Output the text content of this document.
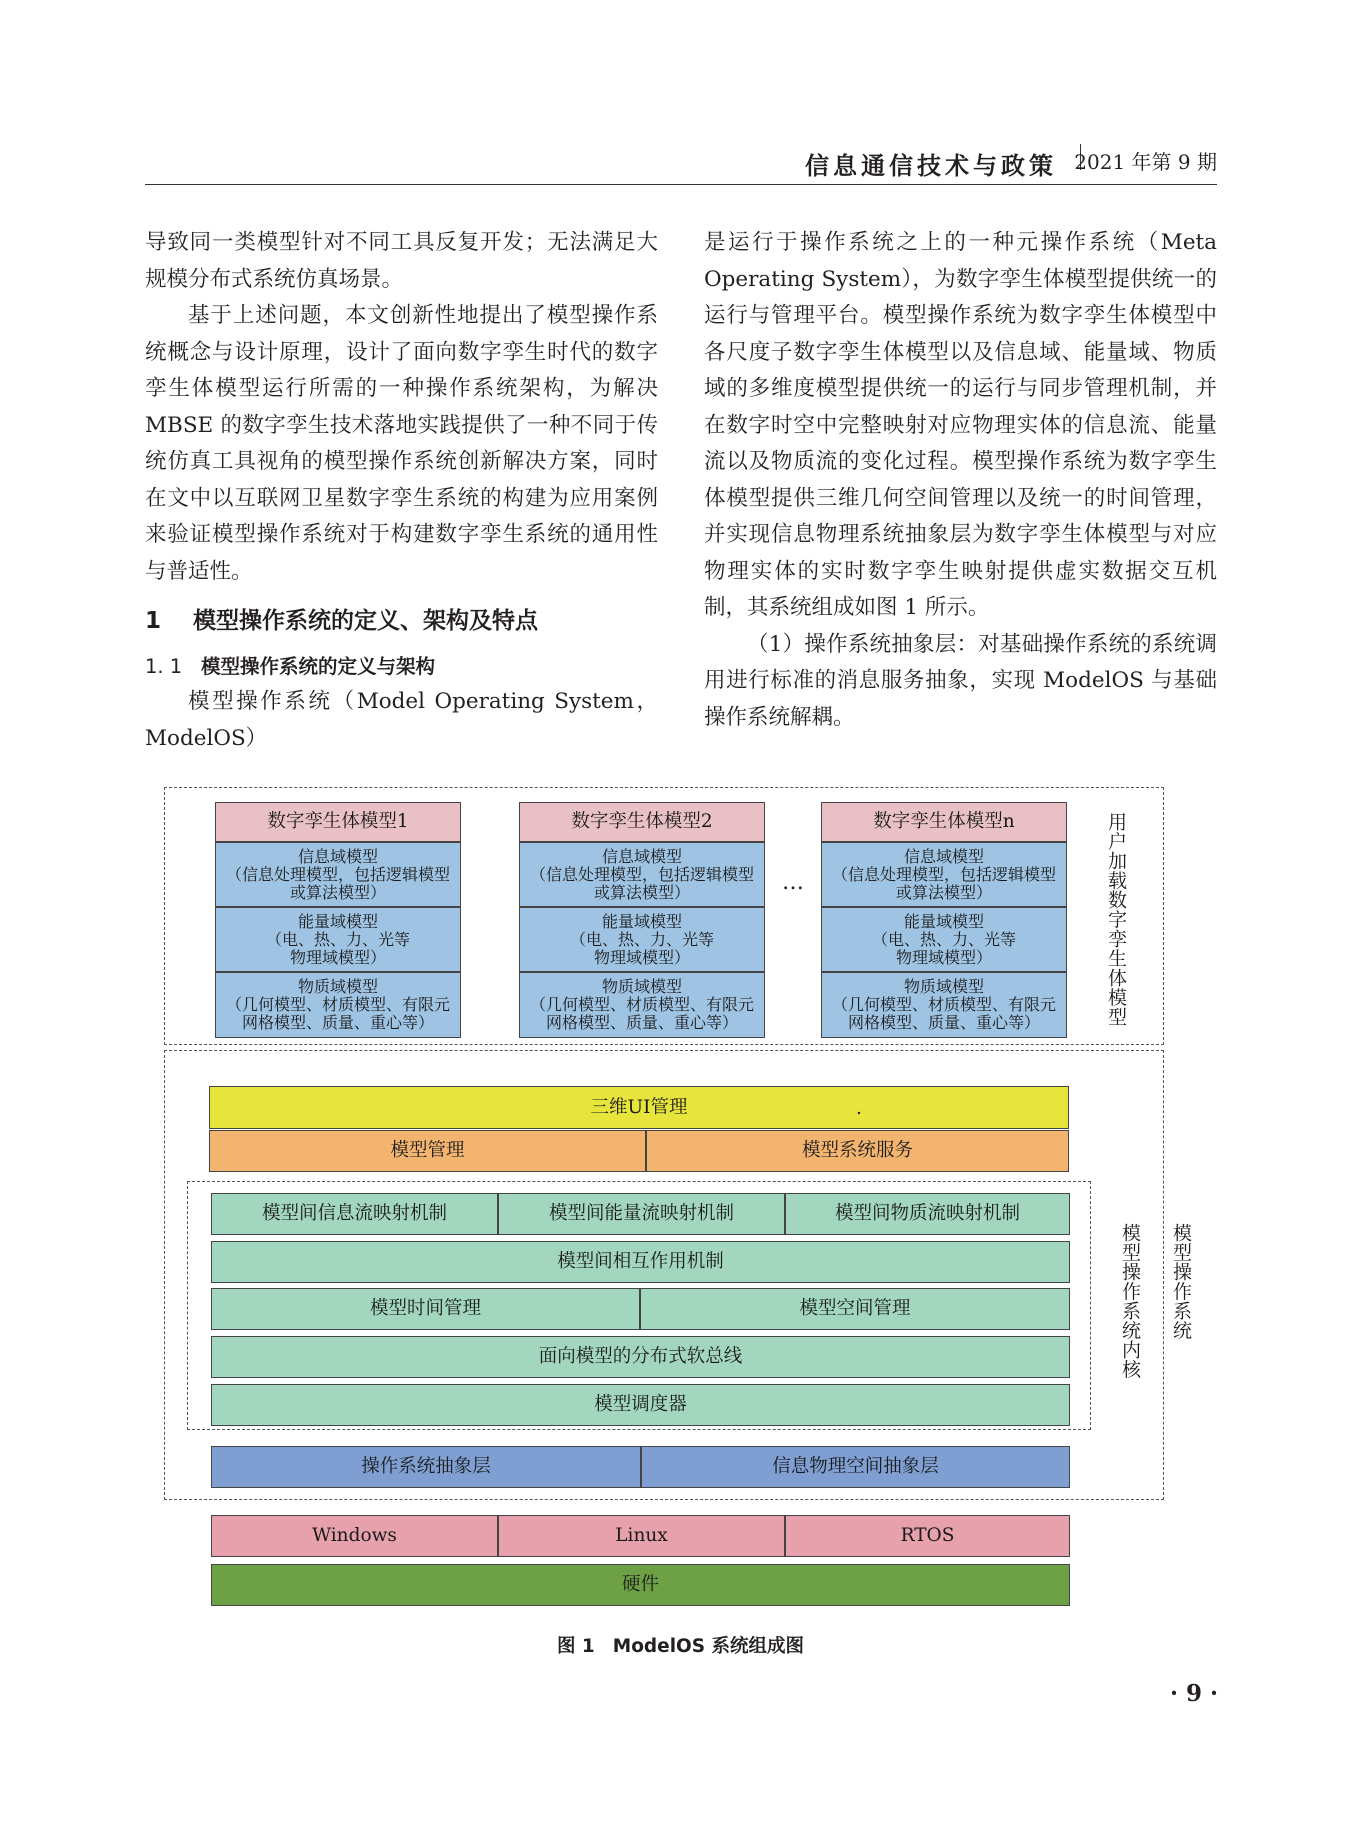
信息通信技术与政策 2021 年第 9 期

导致同一类模型针对不同工具反复开发；无法满足大规模分布式系统仿真场景。

基于上述问题，本文创新性地提出了模型操作系统概念与设计原理，设计了面向数字孪生时代的数字孪生体模型运行所需的一种操作系统架构，为解决 MBSE 的数字孪生技术落地实践提供了一种不同于传统仿真工具视角的模型操作系统创新解决方案，同时在文中以互联网卫星数字孪生系统的构建为应用案例来验证模型操作系统对于构建数字孪生系统的通用性与普适性。

1 模型操作系统的定义、架构及特点
1. 1 模型操作系统的定义与架构

模型操作系统（Model Operating System，ModelOS）

是运行于操作系统之上的一种元操作系统（Meta Operating System），为数字孪生体模型提供统一的运行与管理平台。模型操作系统为数字孪生体模型中各尺度子数字孪生体模型以及信息域、能量域、物质域的多维度模型提供统一的运行与同步管理机制，并在数字时空中完整映射对应物理实体的信息流、能量流以及物质流的变化过程。模型操作系统为数字孪生体模型提供三维几何空间管理以及统一的时间管理，并实现信息物理系统抽象层为数字孪生体模型与对应物理实体的实时数字孪生映射提供虚实数据交互机制，其系统组成如图 1 所示。

（1）操作系统抽象层：对基础操作系统的系统调用进行标准的消息服务抽象，实现 ModelOS 与基础操作系统解耦。

数字孪生体模型1
信息域模型
（信息处理模型，包括逻辑模型
或算法模型）
能量域模型
（电、热、力、光等
物理域模型）
物质域模型
（几何模型、材质模型、有限元
网格模型、质量、重心等）
数字孪生体模型2
信息域模型
（信息处理模型，包括逻辑模型
或算法模型）
能量域模型
（电、热、力、光等
物理域模型）
物质域模型
（几何模型、材质模型、有限元
网格模型、质量、重心等）
…
数字孪生体模型n
信息域模型
（信息处理模型，包括逻辑模型
或算法模型）
能量域模型
（电、热、力、光等
物理域模型）
物质域模型
（几何模型、材质模型、有限元
网格模型、质量、重心等）	用户加载数字孪生体模型
三维UI管理	.
模型管理	模型系统服务
模型间信息流映射机制	模型间能量流映射机制	模型间物质流映射机制
模型间相互作用机制
模型时间管理	模型空间管理
面向模型的分布式软总线
模型调度器
模型操作系统内核 模型操作系统
操作系统抽象层	信息物理空间抽象层
Windows	Linux	RTOS
硬件
图 1 ModelOS 系统组成图
· 9 ·
